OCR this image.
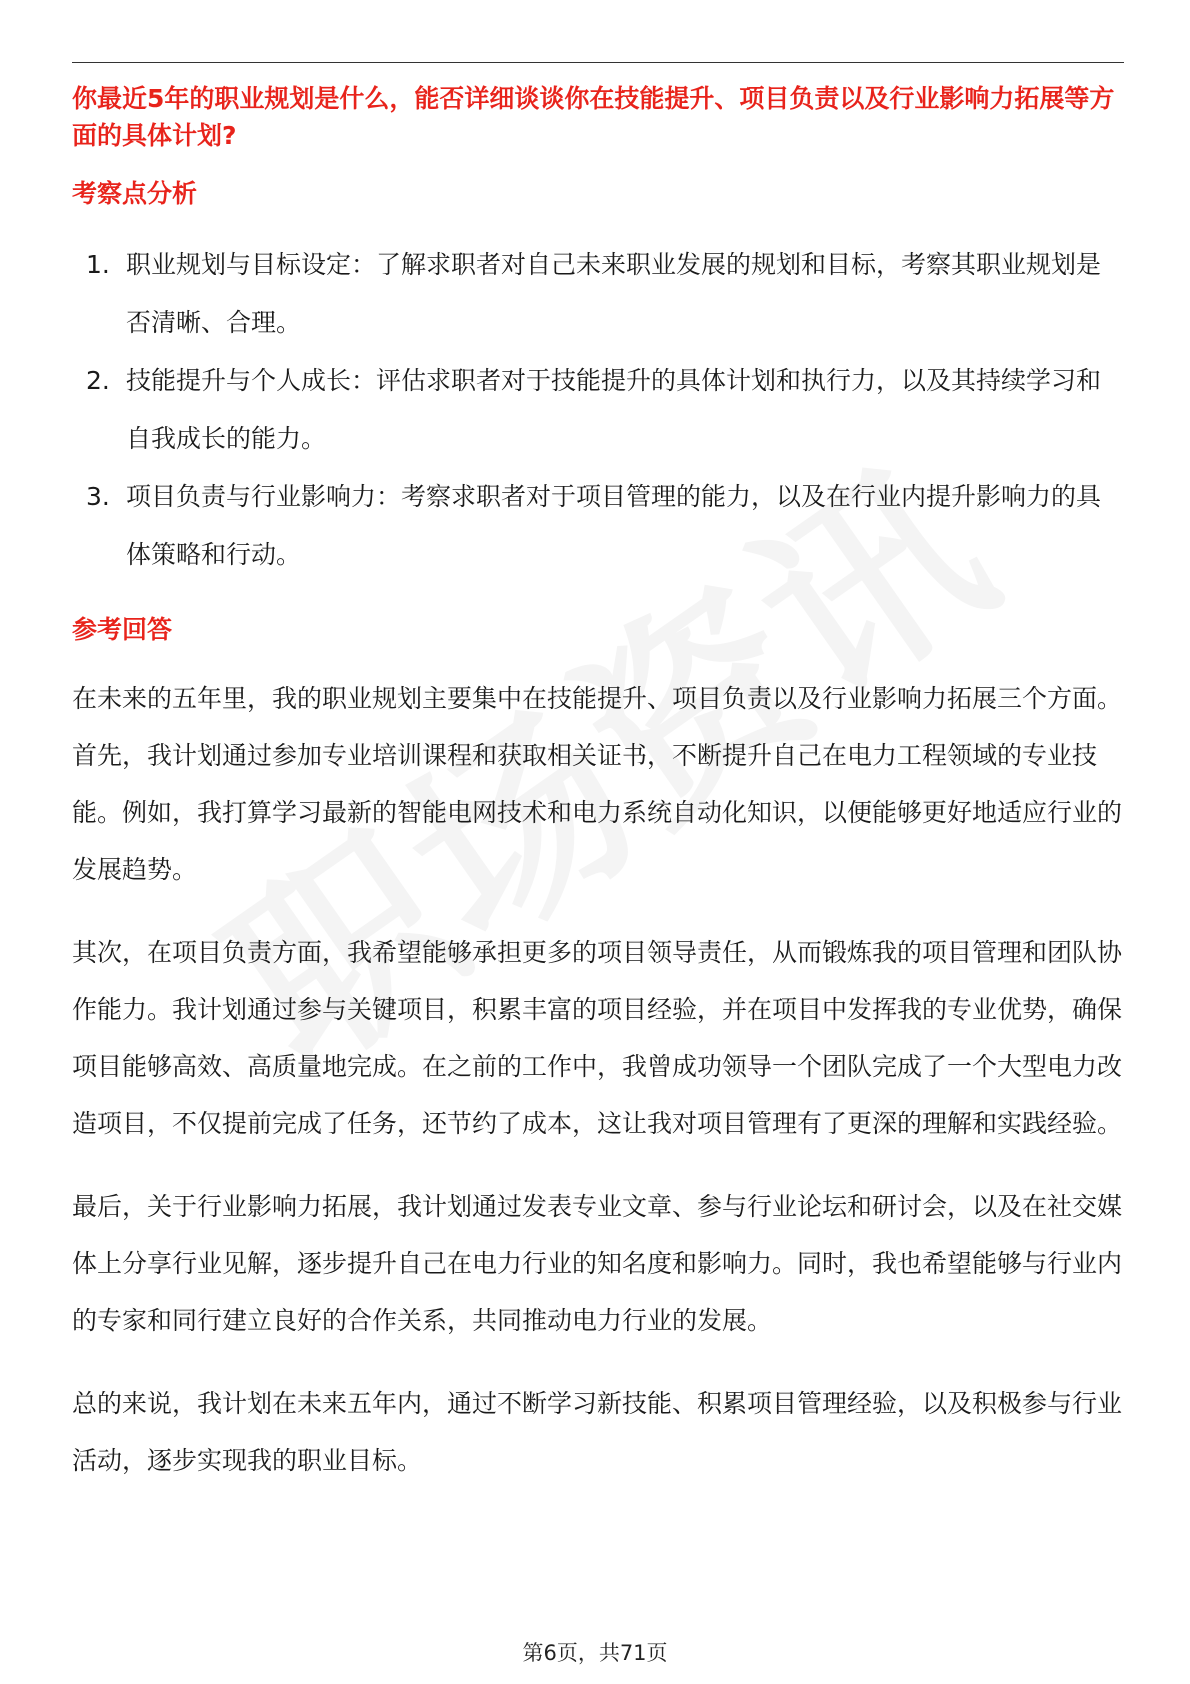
你最近5年的职业规划是什么，能否详细谈谈你在技能提升、项目负责以及行业影响力拓展等方面的具体计划?

考察点分析
1. 职业规划与目标设定：了解求职者对自己未来职业发展的规划和目标，考察其职业规划是否清晰、合理。
2. 技能提升与个人成长：评估求职者对于技能提升的具体计划和执行力，以及其持续学习和自我成长的能力。
3. 项目负责与行业影响力：考察求职者对于项目管理的能力，以及在行业内提升影响力的具体策略和行动。
参考回答

在未来的五年里，我的职业规划主要集中在技能提升、项目负责以及行业影响力拓展三个方面。首先，我计划通过参加专业培训课程和获取相关证书，不断提升自己在电力工程领域的专业技能。例如，我打算学习最新的智能电网技术和电力系统自动化知识，以便能够更好地适应行业的发展趋势。

其次，在项目负责方面，我希望能够承担更多的项目领导责任，从而锻炼我的项目管理和团队协作能力。我计划通过参与关键项目，积累丰富的项目经验，并在项目中发挥我的专业优势，确保项目能够高效、高质量地完成。在之前的工作中，我曾成功领导一个团队完成了一个大型电力改造项目，不仅提前完成了任务，还节约了成本，这让我对项目管理有了更深的理解和实践经验。

最后，关于行业影响力拓展，我计划通过发表专业文章、参与行业论坛和研讨会，以及在社交媒体上分享行业见解，逐步提升自己在电力行业的知名度和影响力。同时，我也希望能够与行业内的专家和同行建立良好的合作关系，共同推动电力行业的发展。

总的来说，我计划在未来五年内，通过不断学习新技能、积累项目管理经验，以及积极参与行业活动，逐步实现我的职业目标。

第6页，共71页
